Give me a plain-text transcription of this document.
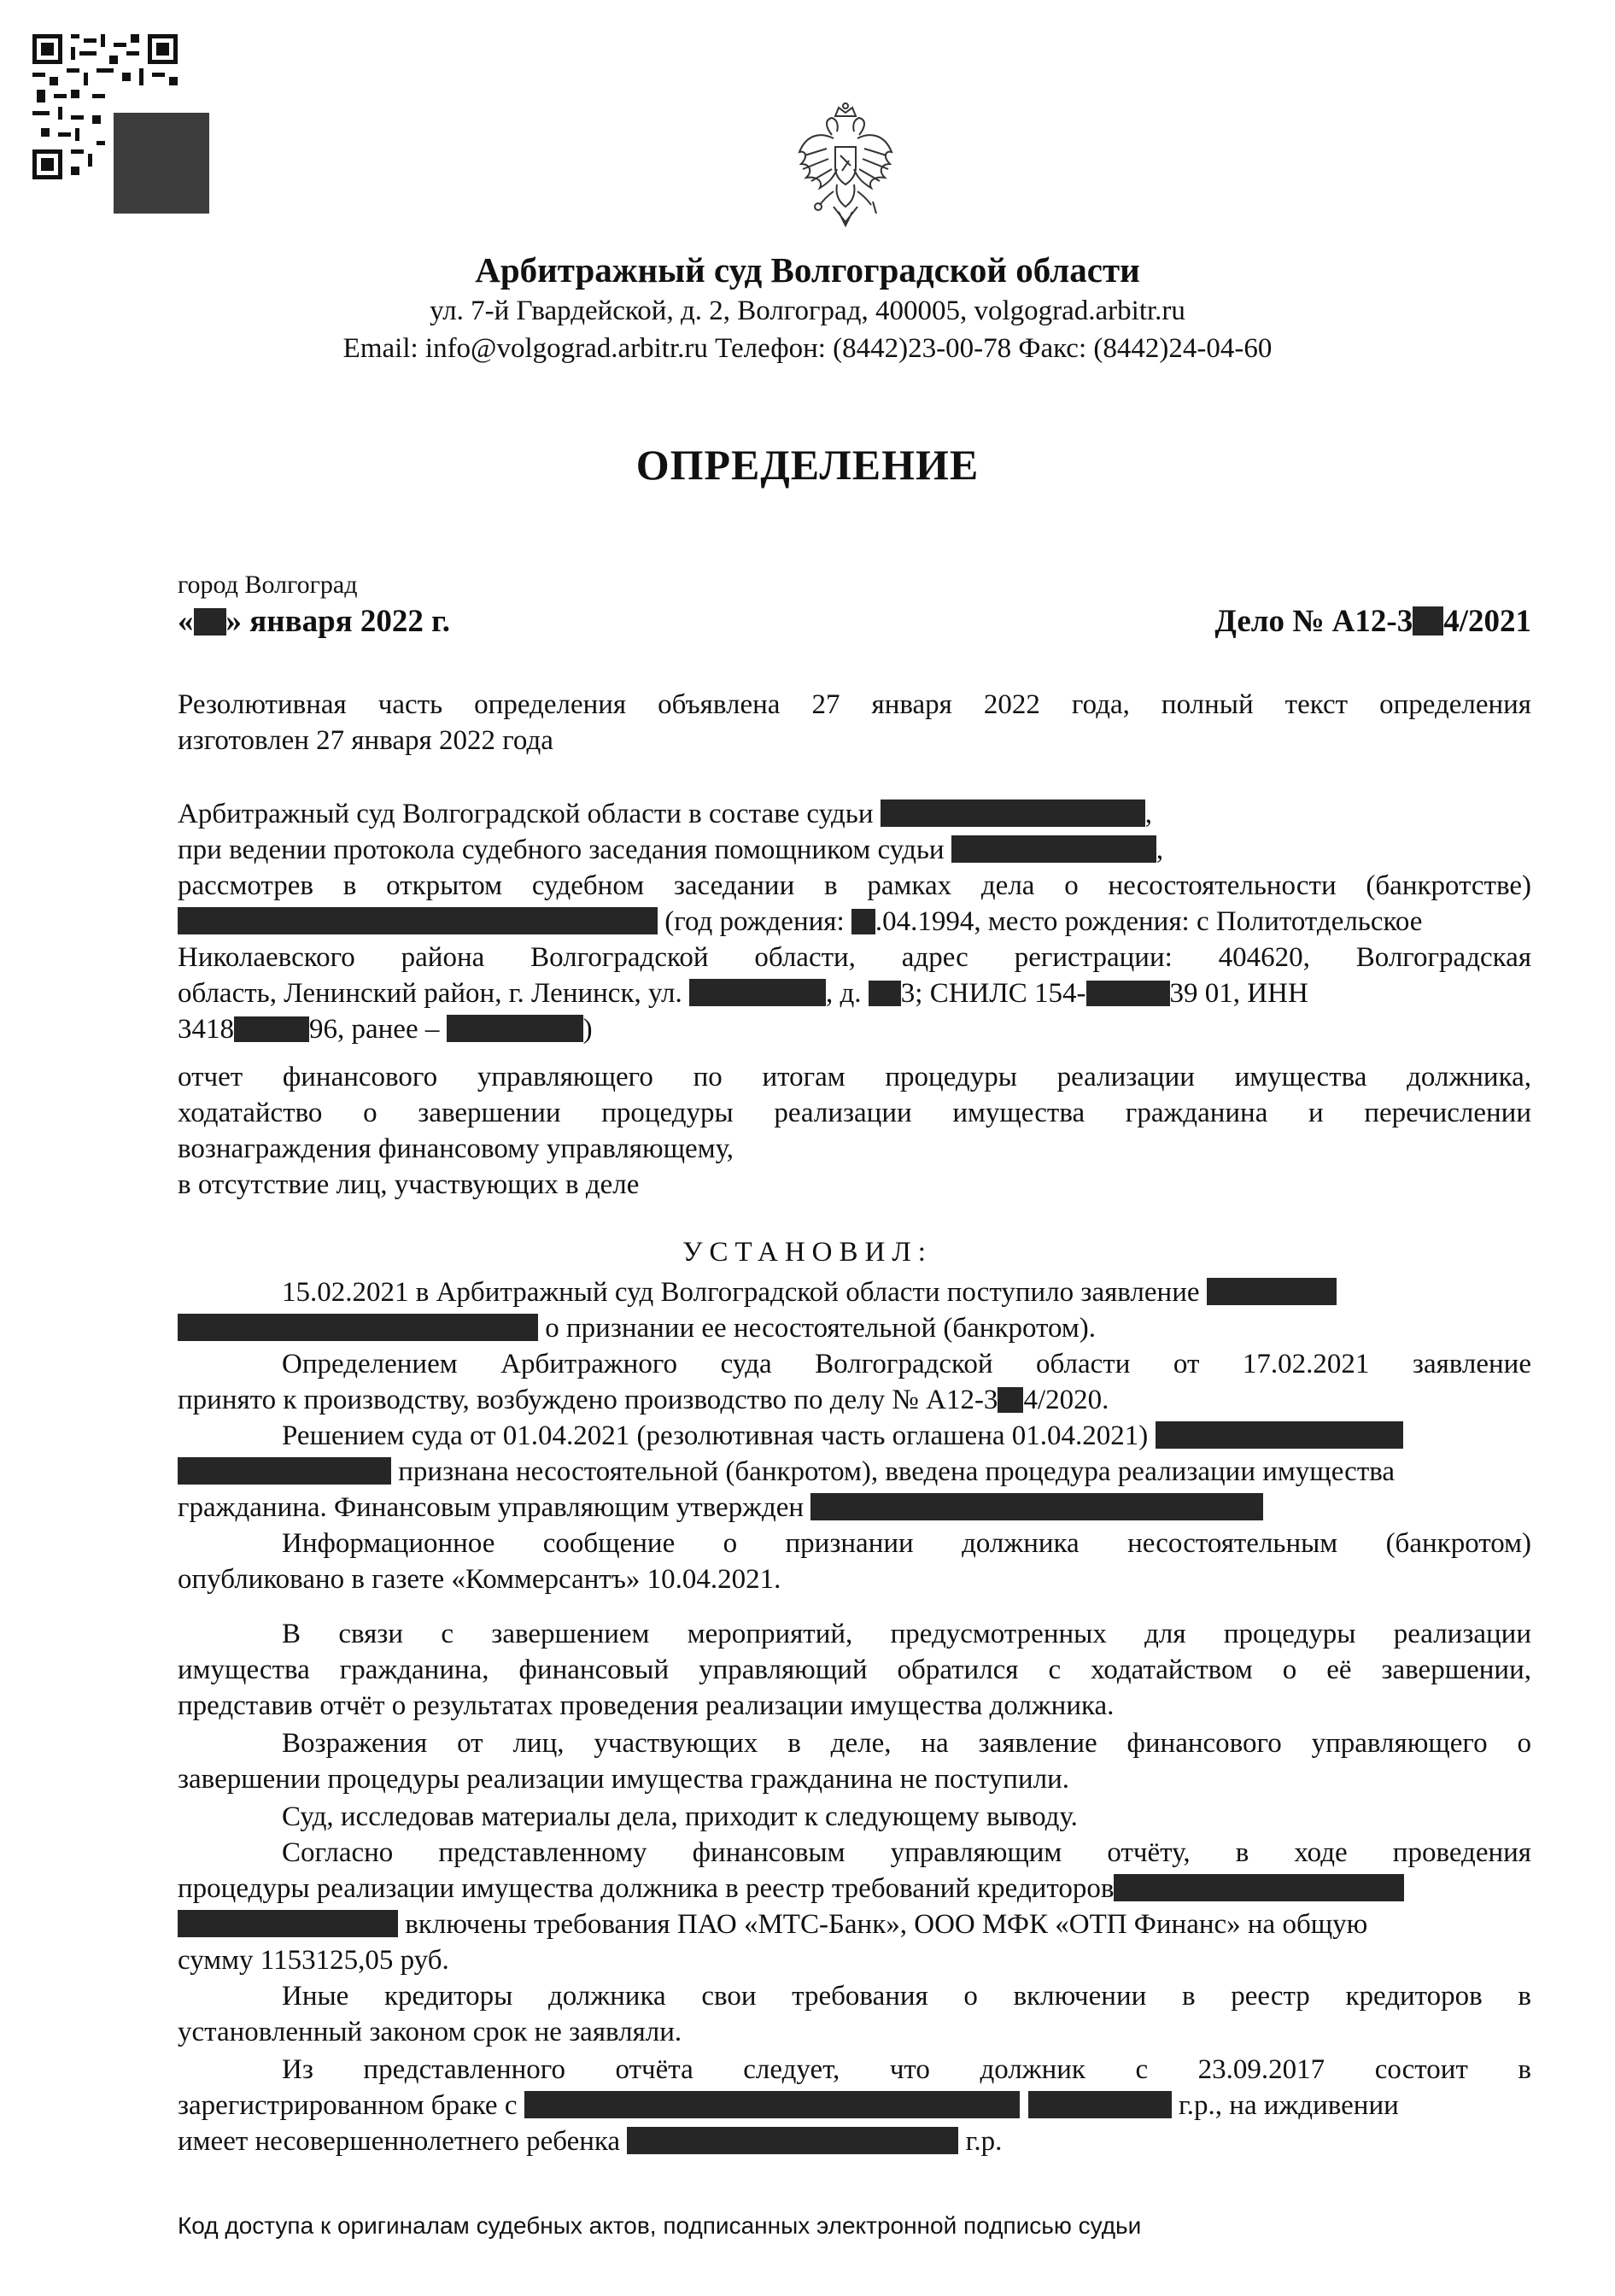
Арбитражный суд Волгоградской области
ул. 7-й Гвардейской, д. 2, Волгоград, 400005, volgograd.arbitr.ru
Email: info@volgograd.arbitr.ru Телефон: (8442)23-00-78 Факс: (8442)24-04-60
ОПРЕДЕЛЕНИЕ
город Волгоград
« » января 2022 г.	Дело № А12-3 4/2021
Резолютивная часть определения объявлена 27 января 2022 года, полный текст определения
изготовлен 27 января 2022 года
Арбитражный суд Волгоградской области в составе судьи	,
при ведении протокола судебного заседания помощником судьи	,
рассмотрев в открытом судебном заседании в рамках дела о несостоятельности (банкротстве)
(год рождения: .04.1994, место рождения: с Политотдельское
Николаевского района Волгоградской области, адрес регистрации: 404620, Волгоградская
область, Ленинский район, г. Ленинск, ул.	, д. 3; СНИЛС 154-	39 01, ИНН
3418	96, ранее –	)
отчет финансового управляющего по итогам процедуры реализации имущества должника,
ходатайство о завершении процедуры реализации имущества гражданина и перечислении
вознаграждения финансовому управляющему,
в отсутствие лиц, участвующих в деле
УСТАНОВИЛ:
15.02.2021 в Арбитражный суд Волгоградской области поступило заявление
о признании ее несостоятельной (банкротом).
Определением Арбитражного суда Волгоградской области от 17.02.2021 заявление
принято к производству, возбуждено производство по делу № А12-3 4/2020.
Решением суда от 01.04.2021 (резолютивная часть оглашена 01.04.2021)
признана несостоятельной (банкротом), введена процедура реализации имущества
гражданина. Финансовым управляющим утвержден
Информационное сообщение о признании должника несостоятельным (банкротом)
опубликовано в газете «Коммерсантъ» 10.04.2021.
В связи с завершением мероприятий, предусмотренных для процедуры реализации
имущества гражданина, финансовый управляющий обратился с ходатайством о её завершении,
представив отчёт о результатах проведения реализации имущества должника.
Возражения от лиц, участвующих в деле, на заявление финансового управляющего о
завершении процедуры реализации имущества гражданина не поступили.
Суд, исследовав материалы дела, приходит к следующему выводу.
Согласно представленному финансовым управляющим отчёту, в ходе проведения
процедуры реализации имущества должника в реестр требований кредиторов
включены требования ПАО «МТС-Банк», ООО МФК «ОТП Финанс» на общую
сумму 1153125,05 руб.
Иные кредиторы должника свои требования о включении в реестр кредиторов в
установленный законом срок не заявляли.
Из представленного отчёта следует, что должник с 23.09.2017 состоит в
зарегистрированном браке с	г.р., на иждивении
имеет несовершеннолетнего ребенка	г.р.
Код доступа к оригиналам судебных актов, подписанных электронной подписью судьи
